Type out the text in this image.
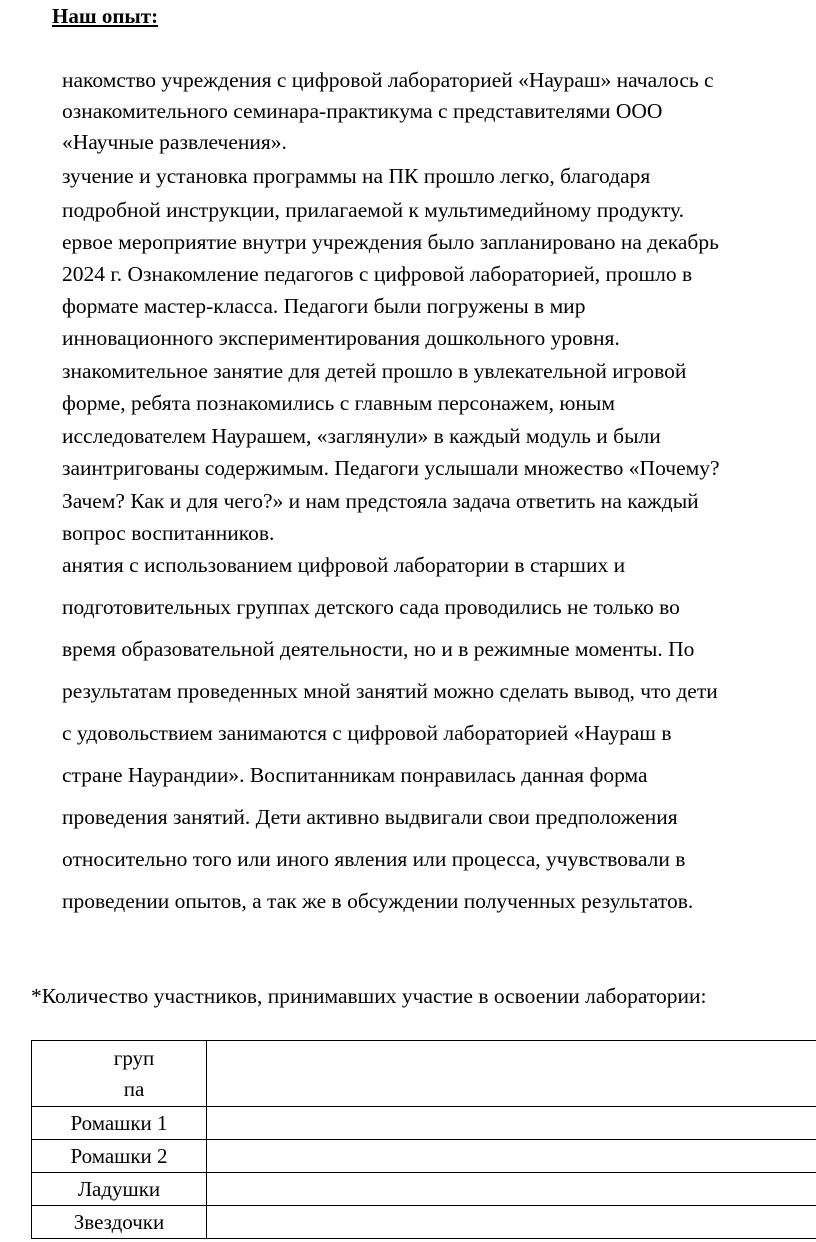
Наш опыт:
накомство учреждения с цифровой лабораторией «Наураш» началось с
ознакомительного семинара-практикума с представителями ООО
«Научные развлечения».
зучение и установка программы на ПК прошло легко, благодаря
подробной инструкции, прилагаемой к мультимедийному продукту.
ервое мероприятие внутри учреждения было запланировано на декабрь
2024 г. Ознакомление педагогов с цифровой лабораторией, прошло в
формате мастер-класса. Педагоги были погружены в мир
инновационного экспериментирования дошкольного уровня.
знакомительное занятие для детей прошло в увлекательной игровой
форме, ребята познакомились с главным персонажем, юным
исследователем Наурашем, «заглянули» в каждый модуль и были
заинтригованы содержимым. Педагоги услышали множество «Почему?
Зачем? Как и для чего?» и нам предстояла задача ответить на каждый
вопрос воспитанников.
анятия с использованием цифровой лаборатории в старших и
подготовительных группах детского сада проводились не только во
время образовательной деятельности, но и в режимные моменты. По
результатам проведенных мной занятий можно сделать вывод, что дети
с удовольствием занимаются с цифровой лабораторией «Наураш в
стране Наурандии». Воспитанникам понравилась данная форма
проведения занятий. Дети активно выдвигали свои предположения
относительно того или иного явления или процесса, учувствовали в
проведении опытов, а так же в обсуждении полученных результатов.

*Количество участников, принимавших участие в освоении лаборатории:

груп
па	
Ромашки 1	
Ромашки 2	
Ладушки	
Звездочки	
